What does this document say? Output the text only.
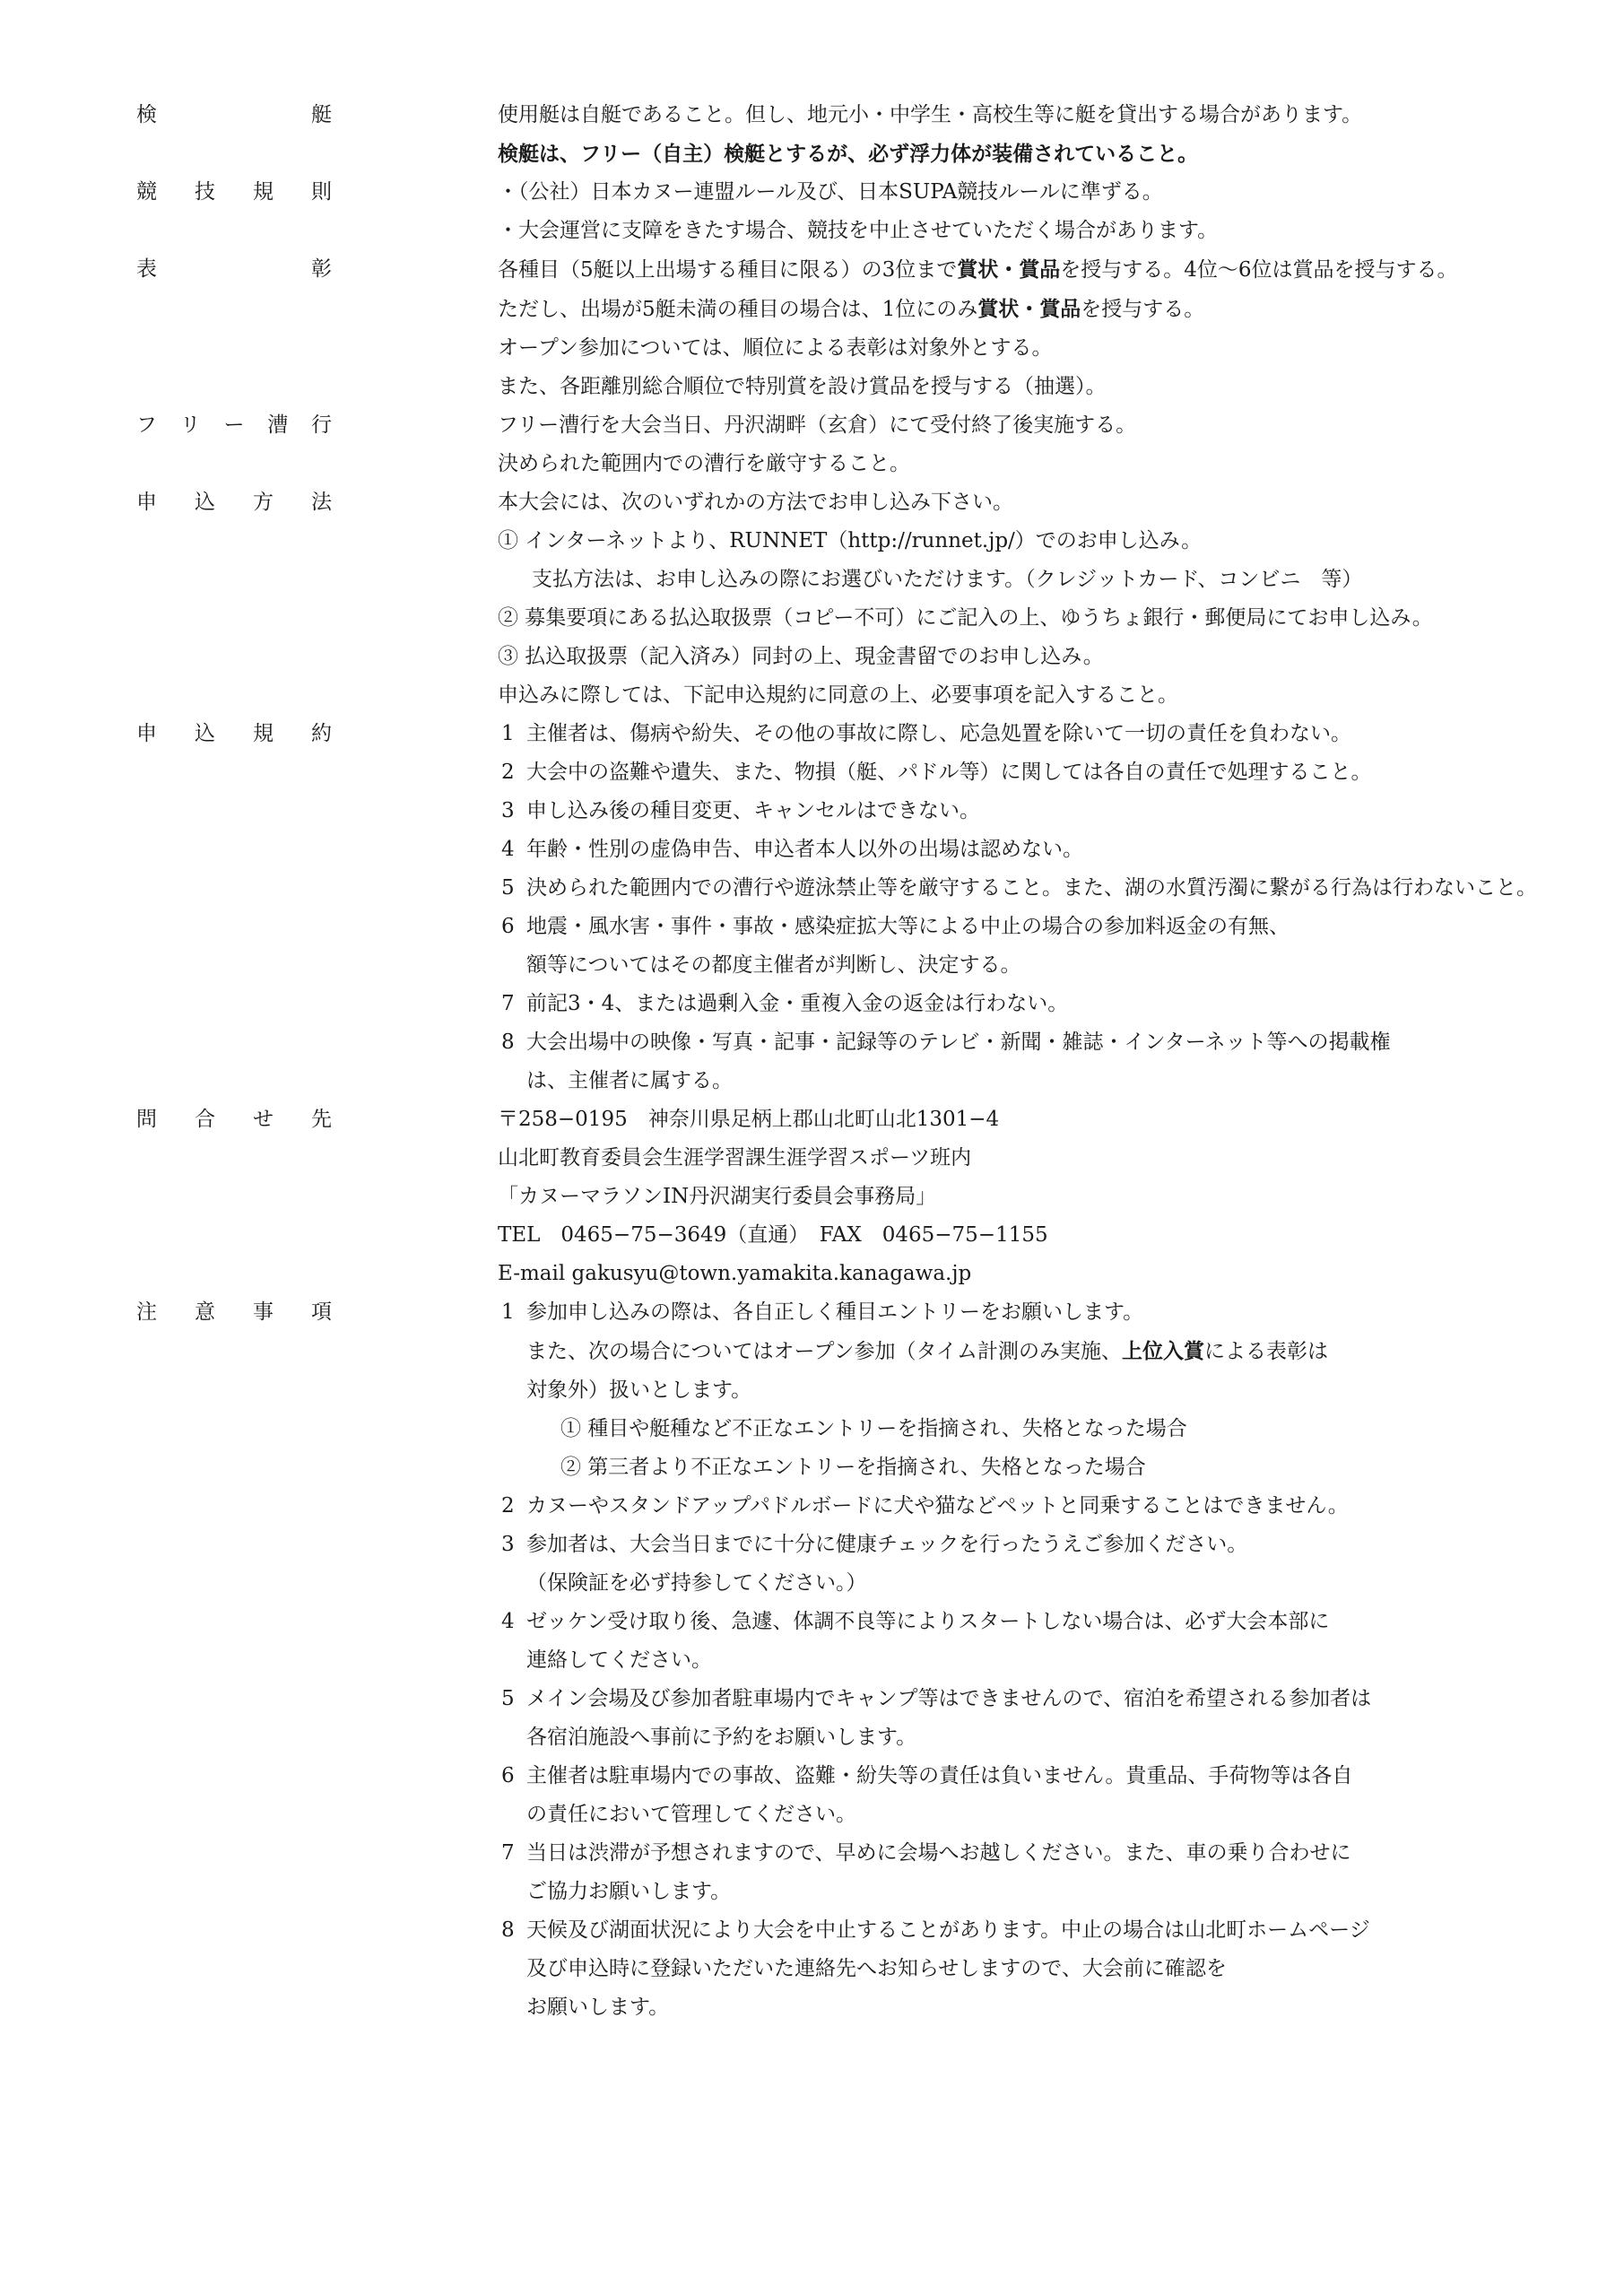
検	艇	使用艇は自艇であること。但し、地元小・中学生・高校生等に艇を貸出する場合があります。
検艇は、フリー（自主）検艇とするが、必ず浮力体が装備されていること。
競 技 規 則	・（公社）日本カヌー連盟ルール及び、日本SUPA競技ルールに準ずる。
・大会運営に支障をきたす場合、競技を中止させていただく場合があります。
表	彰	各種目（5艇以上出場する種目に限る）の3位まで賞状・賞品を授与する。4位〜6位は賞品を授与する。
ただし、出場が5艇未満の種目の場合は、1位にのみ賞状・賞品を授与する。
オープン参加については、順位による表彰は対象外とする。
また、各距離別総合順位で特別賞を設け賞品を授与する（抽選）。
フ リ ー 漕 行	フリー漕行を大会当日、丹沢湖畔（玄倉）にて受付終了後実施する。
決められた範囲内での漕行を厳守すること。
申 込 方 法	本大会には、次のいずれかの方法でお申し込み下さい。
① インターネットより、RUNNET（http://runnet.jp/）でのお申し込み。
支払方法は、お申し込みの際にお選びいただけます。（クレジットカード、コンビニ　等）
② 募集要項にある払込取扱票（コピー不可）にご記入の上、ゆうちょ銀行・郵便局にてお申し込み。
③ 払込取扱票（記入済み）同封の上、現金書留でのお申し込み。
申込みに際しては、下記申込規約に同意の上、必要事項を記入すること。
申 込 規 約	1 主催者は、傷病や紛失、その他の事故に際し、応急処置を除いて一切の責任を負わない。
2 大会中の盗難や遺失、また、物損（艇、パドル等）に関しては各自の責任で処理すること。
3 申し込み後の種目変更、キャンセルはできない。
4 年齢・性別の虚偽申告、申込者本人以外の出場は認めない。
5 決められた範囲内での漕行や遊泳禁止等を厳守すること。また、湖の水質汚濁に繋がる行為は行わないこと。
6 地震・風水害・事件・事故・感染症拡大等による中止の場合の参加料返金の有無、
額等についてはその都度主催者が判断し、決定する。
7 前記3・4、または過剰入金・重複入金の返金は行わない。
8 大会出場中の映像・写真・記事・記録等のテレビ・新聞・雑誌・インターネット等への掲載権
は、主催者に属する。
問 合 せ 先	〒258−0195　神奈川県足柄上郡山北町山北1301−4
山北町教育委員会生涯学習課生涯学習スポーツ班内
「カヌーマラソンIN丹沢湖実行委員会事務局」
TEL　0465−75−3649（直通）　FAX　0465−75−1155
E-mail gakusyu@town.yamakita.kanagawa.jp
注 意 事 項	1 参加申し込みの際は、各自正しく種目エントリーをお願いします。
また、次の場合についてはオープン参加（タイム計測のみ実施、上位入賞による表彰は
対象外）扱いとします。
① 種目や艇種など不正なエントリーを指摘され、失格となった場合
② 第三者より不正なエントリーを指摘され、失格となった場合
2 カヌーやスタンドアップパドルボードに犬や猫などペットと同乗することはできません。
3 参加者は、大会当日までに十分に健康チェックを行ったうえご参加ください。
（保険証を必ず持参してください。）
4 ゼッケン受け取り後、急遽、体調不良等によりスタートしない場合は、必ず大会本部に
連絡してください。
5 メイン会場及び参加者駐車場内でキャンプ等はできませんので、宿泊を希望される参加者は
各宿泊施設へ事前に予約をお願いします。
6 主催者は駐車場内での事故、盗難・紛失等の責任は負いません。貴重品、手荷物等は各自
の責任において管理してください。
7 当日は渋滞が予想されますので、早めに会場へお越しください。また、車の乗り合わせに
ご協力お願いします。
8 天候及び湖面状況により大会を中止することがあります。中止の場合は山北町ホームページ
及び申込時に登録いただいた連絡先へお知らせしますので、大会前に確認を
お願いします。
